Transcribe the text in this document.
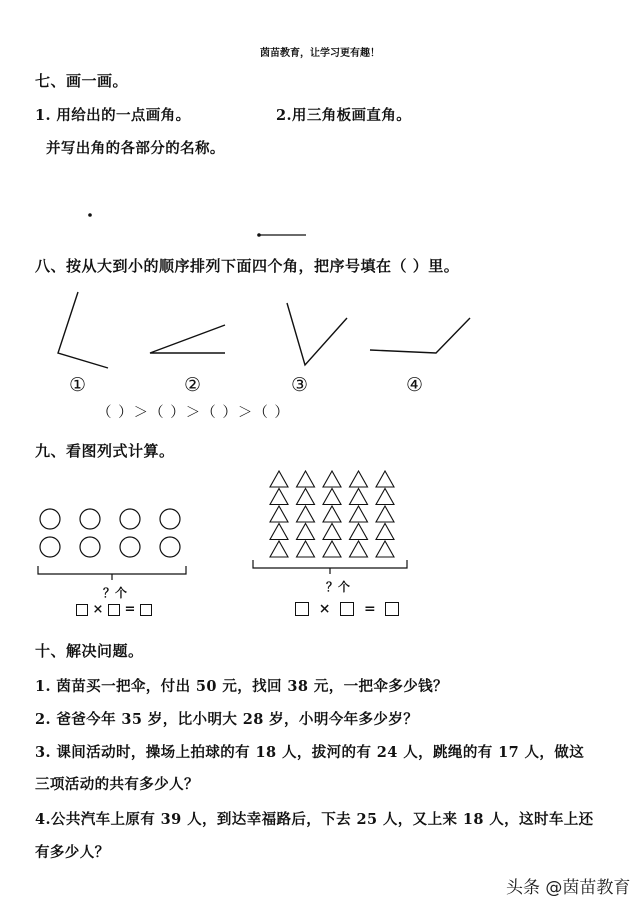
茵苗教育，让学习更有趣！
七、画一画。
1. 用给出的一点画角。	2.用三角板画直角。
并写出角的各部分的名称。
八、按从大到小的顺序排列下面四个角，把序号填在（ ）里。
①	②	③	④
（ ）＞（ ）＞（ ）＞（ ）
九、看图列式计算。
？个	？个
× =	× =
十、解决问题。
1. 茵苗买一把伞，付出 50 元，找回 38 元，一把伞多少钱？
2. 爸爸今年 35 岁，比小明大 28 岁，小明今年多少岁？
3. 课间活动时，操场上拍球的有 18 人，拔河的有 24 人，跳绳的有 17 人，做这
三项活动的共有多少人？
4.公共汽车上原有 39 人，到达幸福路后，下去 25 人，又上来 18 人，这时车上还
有多少人？
头条 @茵苗教育
